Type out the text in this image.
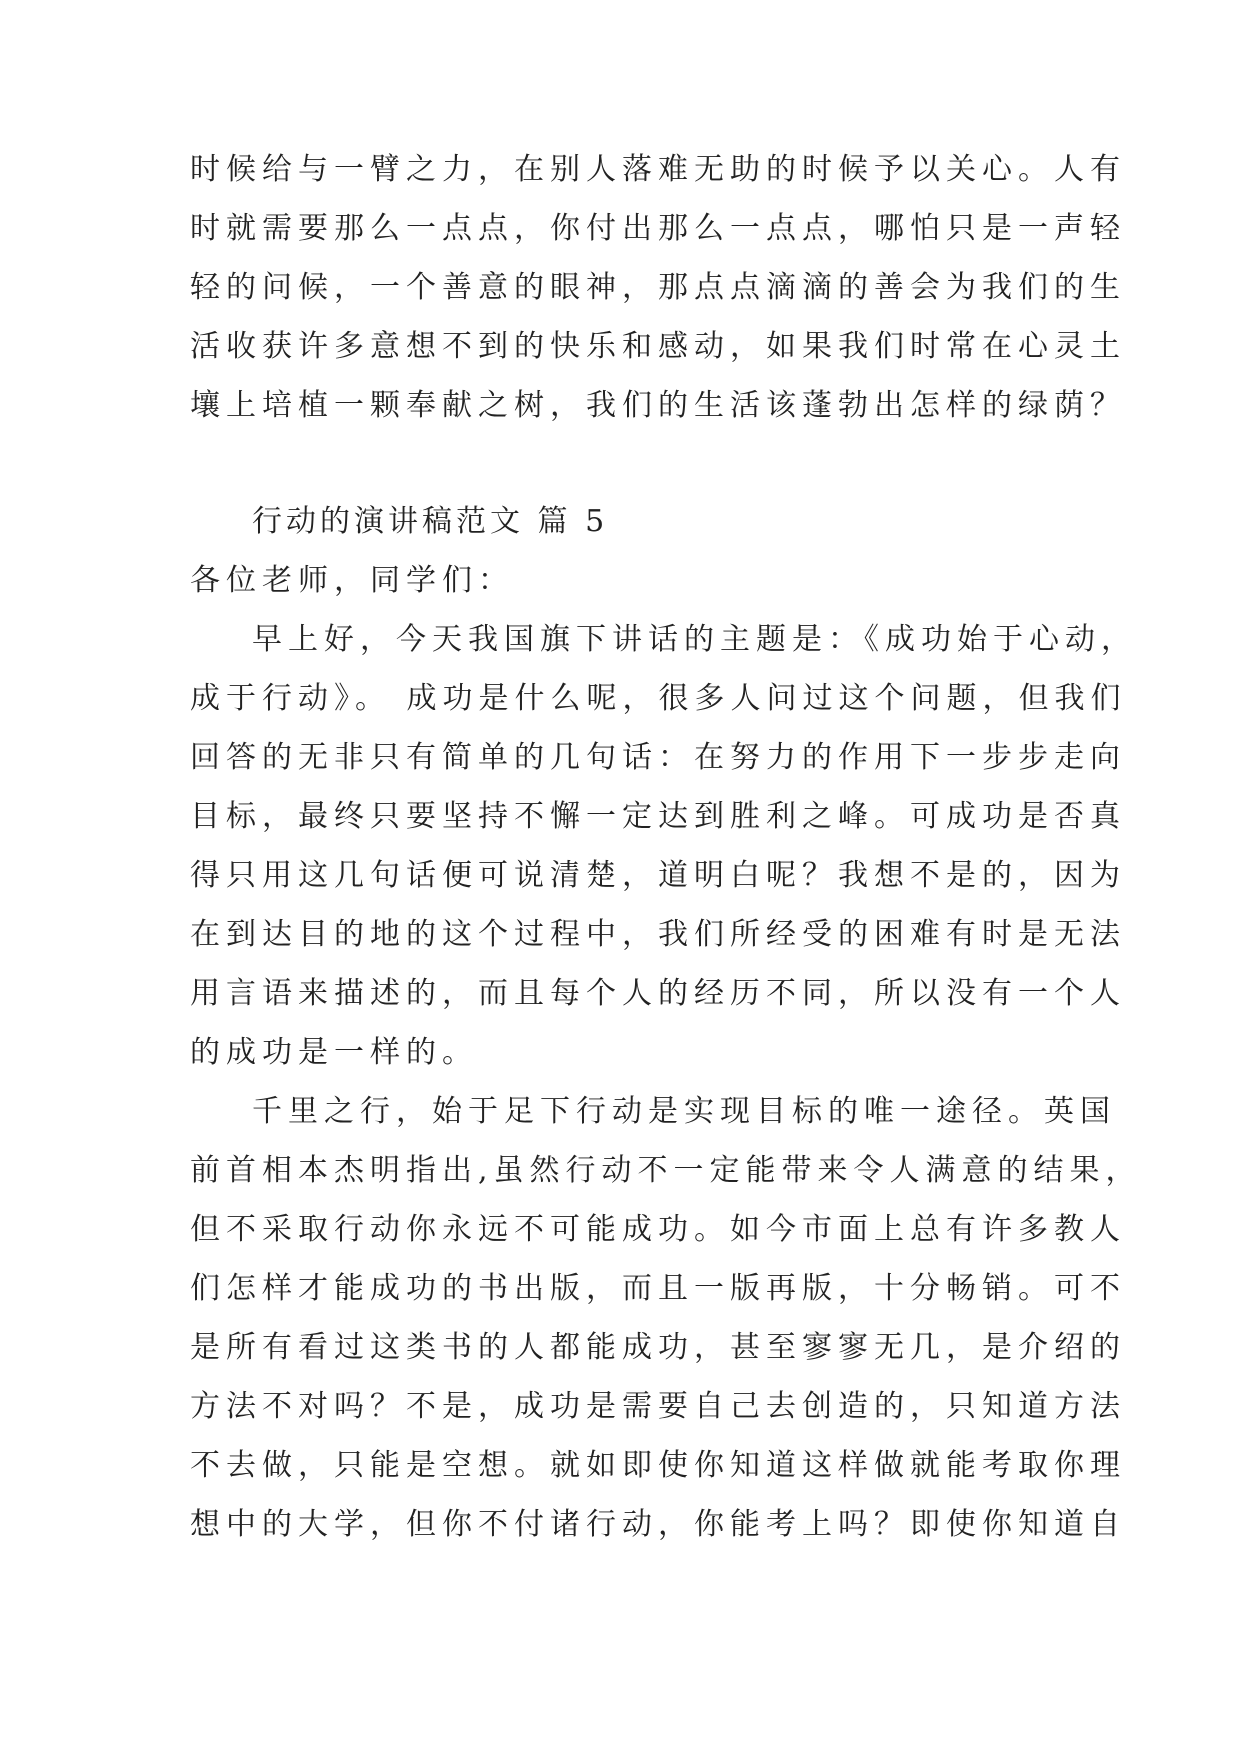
时候给与一臂之力，在别人落难无助的时候予以关心。人有
时就需要那么一点点，你付出那么一点点，哪怕只是一声轻
轻的问候，一个善意的眼神，那点点滴滴的善会为我们的生
活收获许多意想不到的快乐和感动，如果我们时常在心灵土
壤上培植一颗奉献之树，我们的生活该蓬勃出怎样的绿荫？
行动的演讲稿范文 篇 5
各位老师，同学们：
早上好，今天我国旗下讲话的主题是：《成功始于心动，
成于行动》。 成功是什么呢，很多人问过这个问题，但我们
回答的无非只有简单的几句话：在努力的作用下一步步走向
目标，最终只要坚持不懈一定达到胜利之峰。可成功是否真
得只用这几句话便可说清楚，道明白呢？我想不是的，因为
在到达目的地的这个过程中，我们所经受的困难有时是无法
用言语来描述的，而且每个人的经历不同，所以没有一个人
的成功是一样的。
千里之行，始于足下行动是实现目标的唯一途径。英国
前首相本杰明指出,虽然行动不一定能带来令人满意的结果，
但不采取行动你永远不可能成功。如今市面上总有许多教人
们怎样才能成功的书出版，而且一版再版，十分畅销。可不
是所有看过这类书的人都能成功，甚至寥寥无几，是介绍的
方法不对吗？不是，成功是需要自己去创造的，只知道方法
不去做，只能是空想。就如即使你知道这样做就能考取你理
想中的大学，但你不付诸行动，你能考上吗？即使你知道自
